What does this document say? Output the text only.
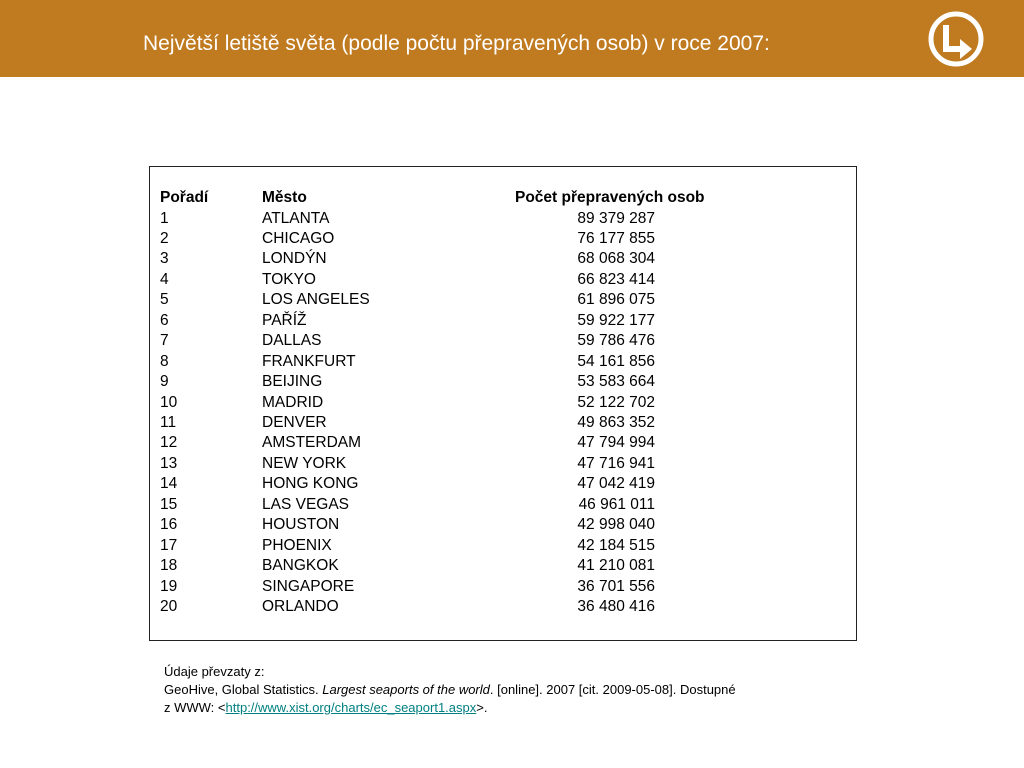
Největší letiště světa (podle počtu přepravených osob) v roce 2007:
Pořadí	Město	Počet přepravených osob
1	ATLANTA	89 379 287
2	CHICAGO	76 177 855
3	LONDÝN	68 068 304
4	TOKYO	66 823 414
5	LOS ANGELES	61 896 075
6	PAŘÍŽ	59 922 177
7	DALLAS	59 786 476
8	FRANKFURT	54 161 856
9	BEIJING	53 583 664
10	MADRID	52 122 702
11	DENVER	49 863 352
12	AMSTERDAM	47 794 994
13	NEW YORK	47 716 941
14	HONG KONG	47 042 419
15	LAS VEGAS	46 961 011
16	HOUSTON	42 998 040
17	PHOENIX	42 184 515
18	BANGKOK	41 210 081
19	SINGAPORE	36 701 556
20	ORLANDO	36 480 416
Údaje převzaty z:
GeoHive, Global Statistics. Largest seaports of the world. [online]. 2007 [cit. 2009-05-08]. Dostupné
z WWW: <http://www.xist.org/charts/ec_seaport1.aspx>.
